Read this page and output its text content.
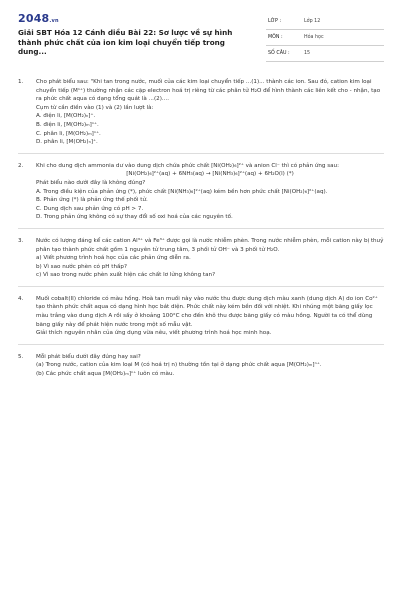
2048.vn
Giải SBT Hóa 12 Cánh diều Bài 22: Sơ lược về sự hình thành phức chất của ion kim loại chuyển tiếp trong dung...
LỚP :	Lớp 12
MÔN :	Hóa học
SỐ CÂU :	15
1. Cho phát biểu sau: "Khi tan trong nước, muối của các kim loại chuyển tiếp ...(1)... thành các ion. Sau đó, cation kim loại chuyển tiếp (Mⁿ⁺) thường nhận các cặp electron hoá trị riêng từ các phân tử H₂O để hình thành các liên kết cho - nhận, tạo ra phức chất aqua có dạng tổng quát là ...(2)....

Cụm từ cần điền vào (1) và (2) lần lượt là:

A. điện li, [M(OH₂)ₙ]⁺.

B. điện li, [M(OH₂)ₘ]ⁿ⁺.

C. phân li, [M(OH₂)ₘ]ⁿ⁺.

D. phân li, [M(OH₂)ₙ]⁺.

2. Khi cho dung dịch ammonia dư vào dung dịch chứa phức chất [Ni(OH₂)₆]²⁺ và anion Cl⁻ thì có phản ứng sau:

[Ni(OH₂)₆]²⁺(aq) + 6NH₃(aq) → [Ni(NH₃)₆]²⁺(aq) + 6H₂O(l) (*)

Phát biểu nào dưới đây là không đúng?

A. Trong điều kiện của phản ứng (*), phức chất [Ni(NH₃)₆]²⁺(aq) kém bền hơn phức chất [Ni(OH₂)₆]²⁺(aq).

B. Phản ứng (*) là phản ứng thế phối tử.

C. Dung dịch sau phản ứng có pH > 7.

D. Trong phản ứng không có sự thay đổi số oxi hoá của các nguyên tố.

3. Nước có lượng đáng kể các cation Al³⁺ và Fe³⁺ được gọi là nước nhiễm phèn. Trong nước nhiễm phèn, mỗi cation này bị thuỷ phân tạo thành phức chất gồm 1 nguyên tử trung tâm, 3 phối tử OH⁻ và 3 phối tử H₂O.

a) Viết phương trình hoá học của các phản ứng diễn ra.

b) Vì sao nước phèn có pH thấp?

c) Vì sao trong nước phèn xuất hiện các chất lơ lửng không tan?

4. Muối cobalt(II) chloride có màu hồng. Hoà tan muối này vào nước thu được dung dịch màu xanh (dung dịch A) do ion Co²⁺ tạo thành phức chất aqua có dạng hình học bát diện. Phức chất này kém bền đối với nhiệt. Khi nhúng một băng giấy lọc màu trắng vào dung dịch A rồi sấy ở khoảng 100°C cho đến khô thu được băng giấy có màu hồng. Người ta có thể dùng băng giấy này để phát hiện nước trong một số mẫu vật.

Giải thích nguyên nhân của ứng dụng vừa nêu, viết phương trình hoá học minh hoạ.

5. Mỗi phát biểu dưới đây đúng hay sai?

(a) Trong nước, cation của kim loại M (có hoá trị n) thường tồn tại ở dạng phức chất aqua [M(OH₂)ₘ]ⁿ⁺.

(b) Các phức chất aqua [M(OH₂)ₘ]ⁿ⁺ luôn có màu.
